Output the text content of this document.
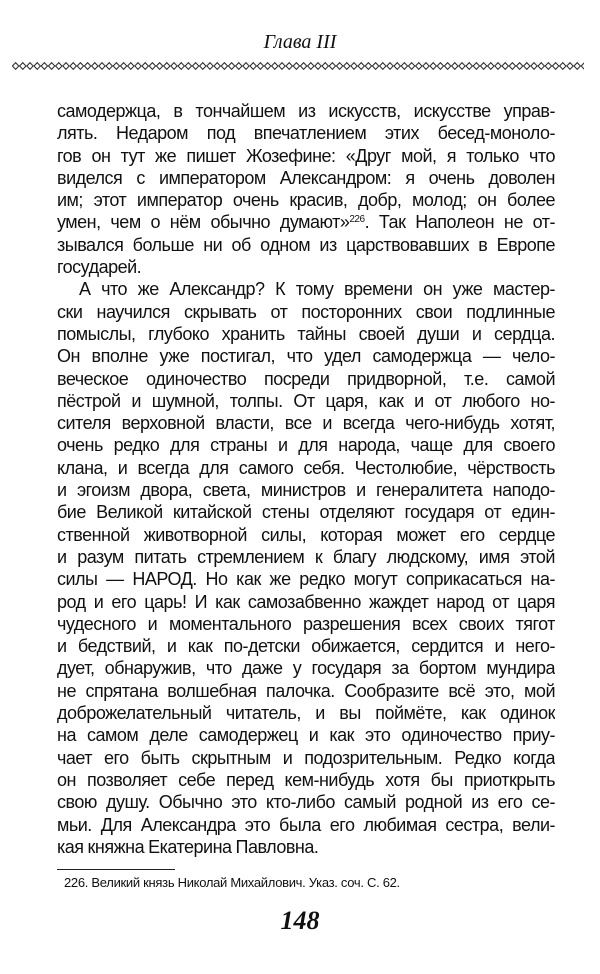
Глава III
самодержца, в тончайшем из искусств, искусстве управ-
лять. Недаром под впечатлением этих бесед-моноло-
гов он тут же пишет Жозефине: «Друг мой, я только что
виделся с императором Александром: я очень доволен
им; этот император очень красив, добр, молод; он более
умен, чем о нём обычно думают»$^{226}$. Так Наполеон не от-
зывался больше ни об одном из царствовавших в Европе
государей.
А что же Александр? К тому времени он уже мастер-
ски научился скрывать от посторонних свои подлинные
помыслы, глубоко хранить тайны своей души и сердца.
Он вполне уже постигал, что удел самодержца — чело-
веческое одиночество посреди придворной, т.е. самой
пёстрой и шумной, толпы. От царя, как и от любого но-
сителя верховной власти, все и всегда чего-нибудь хотят,
очень редко для страны и для народа, чаще для своего
клана, и всегда для самого себя. Честолюбие, чёрствость
и эгоизм двора, света, министров и генералитета наподо-
бие Великой китайской стены отделяют государя от един-
ственной животворной силы, которая может его сердце
и разум питать стремлением к благу людскому, имя этой
силы — НАРОД. Но как же редко могут соприкасаться на-
род и его царь! И как самозабвенно жаждет народ от царя
чудесного и моментального разрешения всех своих тягот
и бедствий, и как по-детски обижается, сердится и него-
дует, обнаружив, что даже у государя за бортом мундира
не спрятана волшебная палочка. Сообразите всё это, мой
доброжелательный читатель, и вы поймёте, как одинок
на самом деле самодержец и как это одиночество приу-
чает его быть скрытным и подозрительным. Редко когда
он позволяет себе перед кем-нибудь хотя бы приоткрыть
свою душу. Обычно это кто-либо самый родной из его се-
мьи. Для Александра это была его любимая сестра, вели-
кая княжна Екатерина Павловна.
226. Великий князь Николай Михайлович. Указ. соч. С. 62.
148
